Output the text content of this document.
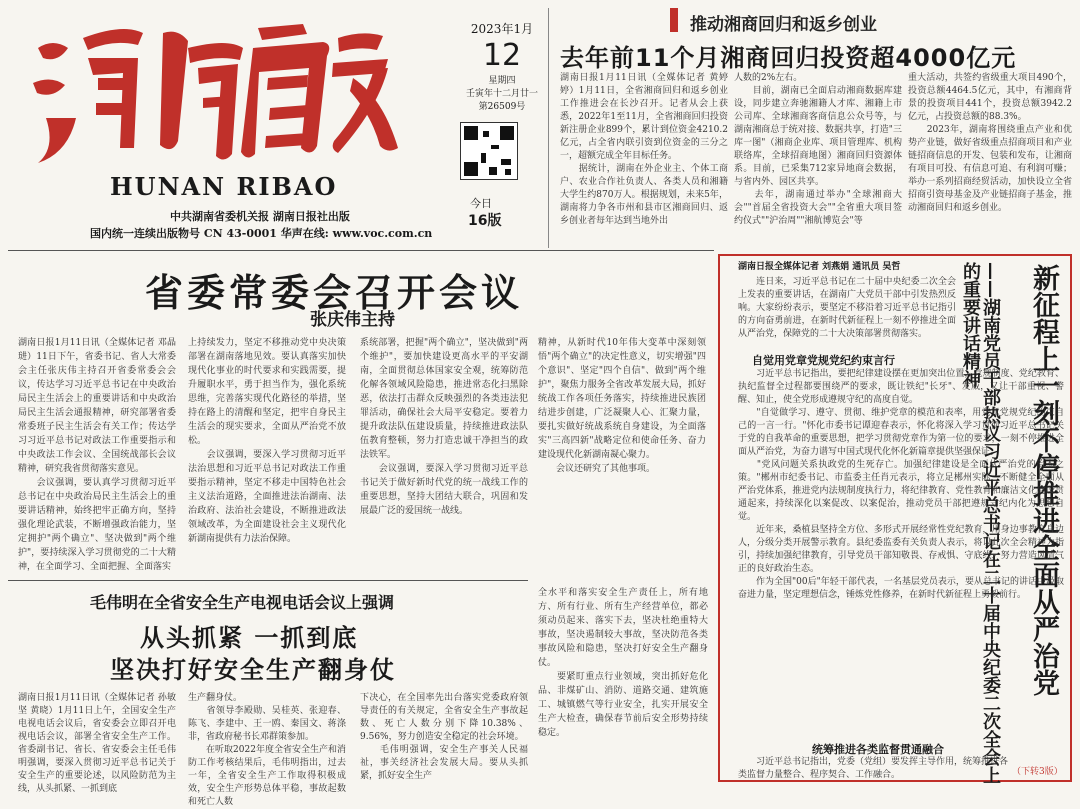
HUNAN RIBAO
中共湖南省委机关报 湖南日报社出版
国内统一连续出版物号 CN 43-0001 华声在线: www.voc.com.cn
2023年1月
12
星期四
壬寅年十二月廿一
第26509号
今日
16版
推动湘商回归和返乡创业
去年前11个月湘商回归投资超4000亿元
湖南日报1月11日讯（全媒体记者 黄婷婷）1月11日，全省湘商回归和返乡创业工作推进会在长沙召开。记者从会上获悉，2022年1至11月，全省湘商回归投资新注册企业899个，累计到位资金4210.2亿元，占全省内联引资到位资金的三分之一，超额完成全年目标任务。
　　据统计，湖南在外企业主、个体工商户、农业合作社负责人、各类人员和湘籍大学生约870万人。根据规划，未来5年，湖南将力争各市州和县市区湘商回归、返乡创业者每年达到当地外出
人数的2%左右。
　　目前，湖南已全面启动湘商数据库建设，同步建立奔驰湘籍人才库、湘籍上市公司库、全球湘商客商信息公众号等，与湖南湘商总于统对接、数据共享，打造"三库一图"（湘商企业库、项目管理库、机构联络库，全球招商地图）湘商回归资源体系。目前，已采集712家异地商会数据，与省内外、园区共享。
　　去年，湖南通过举办"全球湘商大会""首届全省投资大会""全省重大项目签约仪式""沪治周""湘航博览会"等
重大活动，共签约省级重大项目490个，投资总额4464.5亿元，其中，有湘商背景的投资项目441个，投资总额3942.2亿元，占投资总额的88.3%。
　　2023年，湖南将围绕重点产业和优势产业链，做好省级重点招商项目和产业链招商信息的开发、包装和发布，让湘商有项目可投、有信息可追、有利润可赚；举办一系列招商经贸活动，加快设立全省招商引资母基金及产业链招商子基金，推动湘商回归和返乡创业。
省委常委会召开会议
张庆伟主持
湖南日报1月11日讯（全媒体记者 邓晶琎）11日下午，省委书记、省人大常委会主任张庆伟主持召开省委常委会会议，传达学习习近平总书记在中央政治局民主生活会上的重要讲话和中央政治局民主生活会通报精神，研究部署省委常委班子民主生活会有关工作；传达学习习近平总书记对政法工作重要指示和中央政法工作会议、全国统战部长会议精神，研究我省贯彻落实意见。
　　会议强调，要认真学习贯彻习近平总书记在中央政治局民主生活会上的重要讲话精神，始终把牢正确方向，坚持强化理论武装，不断增强政治能力，坚定拥护"两个确立"、坚决做到"两个维护"，要持续深入学习贯彻党的二十大精神，在全面学习、全面把握、全面落实
上持续发力，坚定不移推动党中央决策部署在湖南落地见效。要认真落实加快现代化事业的时代要求和实践需要，提升履职水平，勇于担当作为，强化系统思维，完善落实现代化路径的举措，坚持在路上的清醒和坚定，把牢自身民主生活会的现实要求，全面从严治党不放松。
　　会议强调，要深入学习贯彻习近平法治思想和习近平总书记对政法工作重要指示精神，坚定不移走中国特色社会主义法治道路，全面推进法治湖南、法治政府、法治社会建设，不断推进政法领域改革，为全面建设社会主义现代化新湖南提供有力法治保障。
系统部署，把握"两个确立"，坚决做到"两个维护"，要加快建设更高水平的平安湖南，全面贯彻总体国家安全观，统筹防范化解各领域风险隐患，推进常态化扫黑除恶，依法打击群众反映强烈的各类违法犯罪活动，确保社会大局平安稳定。要着力提升政法队伍建设质量，持续推进政法队伍教育整顿，努力打造忠诚干净担当的政法铁军。
　　会议强调，要深入学习贯彻习近平总书记关于做好新时代党的统一战线工作的重要思想，坚持大团结大联合，巩固和发展最广泛的爱国统一战线。
精神，从新时代10年伟大变革中深刻领悟"两个确立"的决定性意义，切实增强"四个意识"、坚定"四个自信"、做到"两个维护"，聚焦力服务全省改革发展大局，抓好统战工作各项任务落实，持续推进民族团结进步创建，广泛凝聚人心、汇聚力量，要扎实做好统战系统自身建设，为全面落实"三高四新"战略定位和使命任务、奋力建设现代化新湖南凝心聚力。
　　会议还研究了其他事项。
毛伟明在全省安全生产电视电话会议上强调
从头抓紧 一抓到底
坚决打好安全生产翻身仗
湖南日报1月11日讯（全媒体记者 孙敏坚 黄晓）1月11日上午，全国安全生产电视电话会议后，省安委会立即召开电视电话会议，部署全省安全生产工作。省委副书记、省长、省安委会主任毛伟明强调，要深入贯彻习近平总书记关于安全生产的重要论述，以风险防范为主线，从头抓紧、一抓到底
生产翻身仗。
　　省领导李殿勋、吴桂英、张迎春、陈飞、李建中、王一鸥、秦国文、蒋涤非，省政府秘书长邓群策参加。
　　在听取2022年度全省安全生产和消防工作考核结果后，毛伟明指出，过去一年，全省安全生产工作取得积极成效，安全生产形势总体平稳，事故起数和死亡人数
下决心，在全国率先出台落实党委政府领导责任的有关规定，全省安全生产事故起数、死亡人数分别下降10.38%、9.56%，努力创造安全稳定的社会环境。
　　毛伟明强调，安全生产事关人民福祉，事关经济社会发展大局。要从头抓紧，抓好安全生产
全水平和落实安全生产责任上，所有地方、所有行业、所有生产经营单位，都必须动员起来、落实下去，坚决杜绝重特大事故，坚决遏制较大事故，坚决防范各类事故风险和隐患，坚决打好安全生产翻身仗。
　　要紧盯重点行业领域，突出抓好危化品、非煤矿山、消防、道路交通、建筑施工、城镇燃气等行业安全，扎实开展安全生产大检查，确保春节前后安全形势持续稳定。
新征程上一刻不停推进全面从严治党
——湖南党员干部热议习近平总书记在二十届中央纪委二次全会上的重要讲话精神
湖南日报全媒体记者 刘燕娟 通讯员 吴哲
　　连日来，习近平总书记在二十届中央纪委二次全会上发表的重要讲话，在湖南广大党员干部中引发热烈反响。大家纷纷表示，要坚定不移沿着习近平总书记指引的方向奋勇前进，在新时代新征程上一刻不停推进全面从严治党，保障党的二十大决策部署贯彻落实。
自觉用党章党规党纪约束言行
　　习近平总书记指出，要把纪律建设摆在更加突出位置，党规制度、党纪教育、执纪监督全过程都要围绕严的要求，既让铁纪"长牙"、发威，又让干部重视、警醒、知止，使全党形成遵规守纪的高度自觉。
　　"自觉做学习、遵守、贯彻、维护党章的模范和表率，用党章党规党纪约束自己的一言一行。"怀化市委书记谭迎春表示，怀化将深入学习贯彻习近平总书记关于党的自我革命的重要思想，把学习贯彻党章作为第一位的要求，一刻不停推进全面从严治党，为奋力谱写中国式现代化怀化新篇章提供坚强保证。
　　"党风问题关系执政党的生死存亡。加强纪律建设是全面从严治党的治本之策。"郴州市纪委书记、市监委主任肖元表示，将立足郴州实际，不断健全全面从严治党体系，推进党内法规制度执行力，将纪律教育、党性教育和廉洁文化建设贯通起来，持续深化以案促改、以案促治，推动党员干部把遵规守纪内化为思想自觉。
　　近年来，桑植县坚持全方位、多形式开展经常性党纪教育，用身边事教育身边人，分级分类开展警示教育。县纪委监委有关负责人表示，将以此次全会精神为指引，持续加强纪律教育，引导党员干部知敬畏、存戒惧、守底线，努力营造风清气正的良好政治生态。
　　作为全国"00后"年轻干部代表，一名基层党员表示，要从总书记的讲话中汲取奋进力量，坚定理想信念，锤炼党性修养，在新时代新征程上勇毅前行。
统筹推进各类监督贯通融合
　　习近平总书记指出，党委（党组）要发挥主导作用，统筹推进各类监督力量整合、程序契合、工作融合。	（下转3版）
